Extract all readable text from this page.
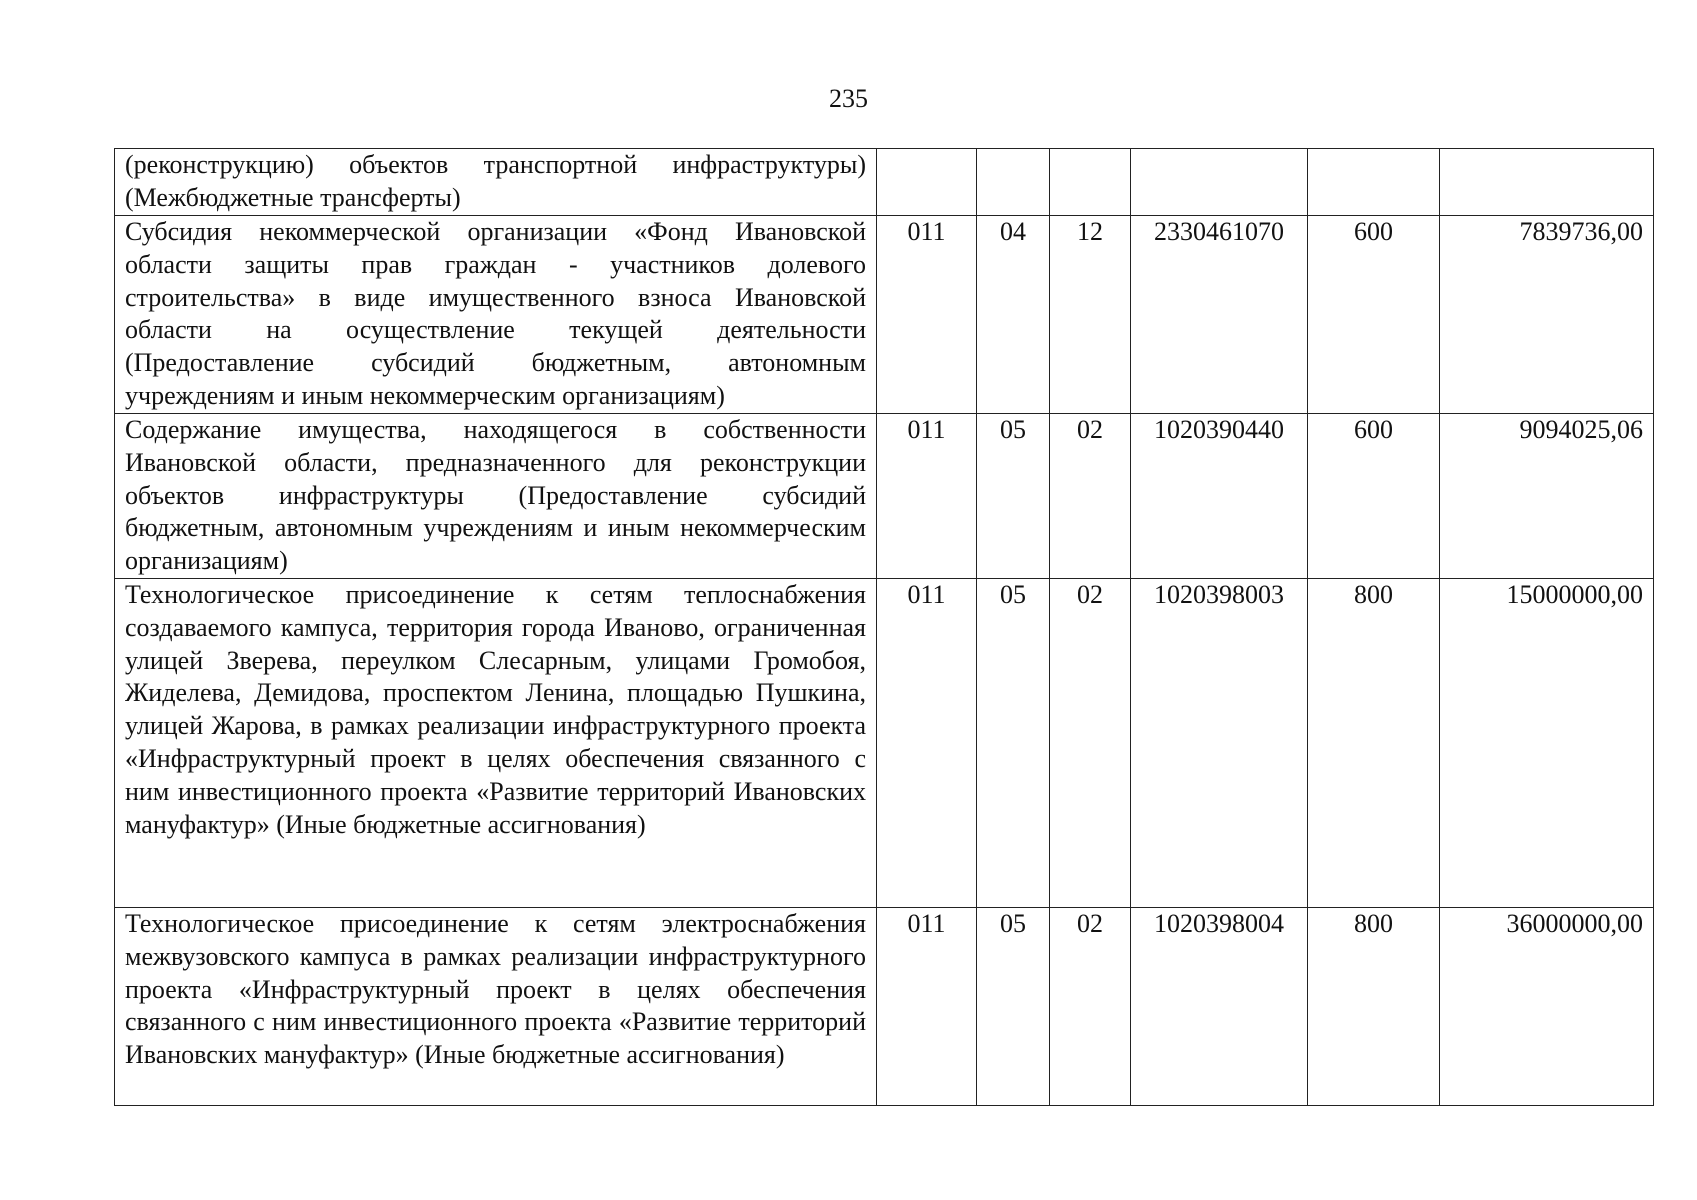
235
(реконструкцию) объектов транспортной инфраструктуры) (Межбюджетные трансферты)						
Субсидия некоммерческой организации «Фонд Ивановской области защиты прав граждан - участников долевого строительства» в виде имущественного взноса Ивановской области на осуществление текущей деятельности (Предоставление субсидий бюджетным, автономным учреждениям и иным некоммерческим организациям)	011	04	12	2330461070	600	7839736,00
Содержание имущества, находящегося в собственности Ивановской области, предназначенного для реконструкции объектов инфраструктуры (Предоставление субсидий бюджетным, автономным учреждениям и иным некоммерческим организациям)	011	05	02	1020390440	600	9094025,06
Технологическое присоединение к сетям теплоснабжения создаваемого кампуса, территория города Иваново, ограниченная улицей Зверева, переулком Слесарным, улицами Громобоя, Жиделева, Демидова, проспектом Ленина, площадью Пушкина, улицей Жарова, в рамках реализации инфраструктурного проекта «Инфраструктурный проект в целях обеспечения связанного с ним инвестиционного проекта «Развитие территорий Ивановских мануфактур» (Иные бюджетные ассигнования)	011	05	02	1020398003	800	15000000,00
Технологическое присоединение к сетям электроснабжения межвузовского кампуса в рамках реализации инфраструктурного проекта «Инфраструктурный проект в целях обеспечения связанного с ним инвестиционного проекта «Развитие территорий Ивановских мануфактур» (Иные бюджетные ассигнования)	011	05	02	1020398004	800	36000000,00
